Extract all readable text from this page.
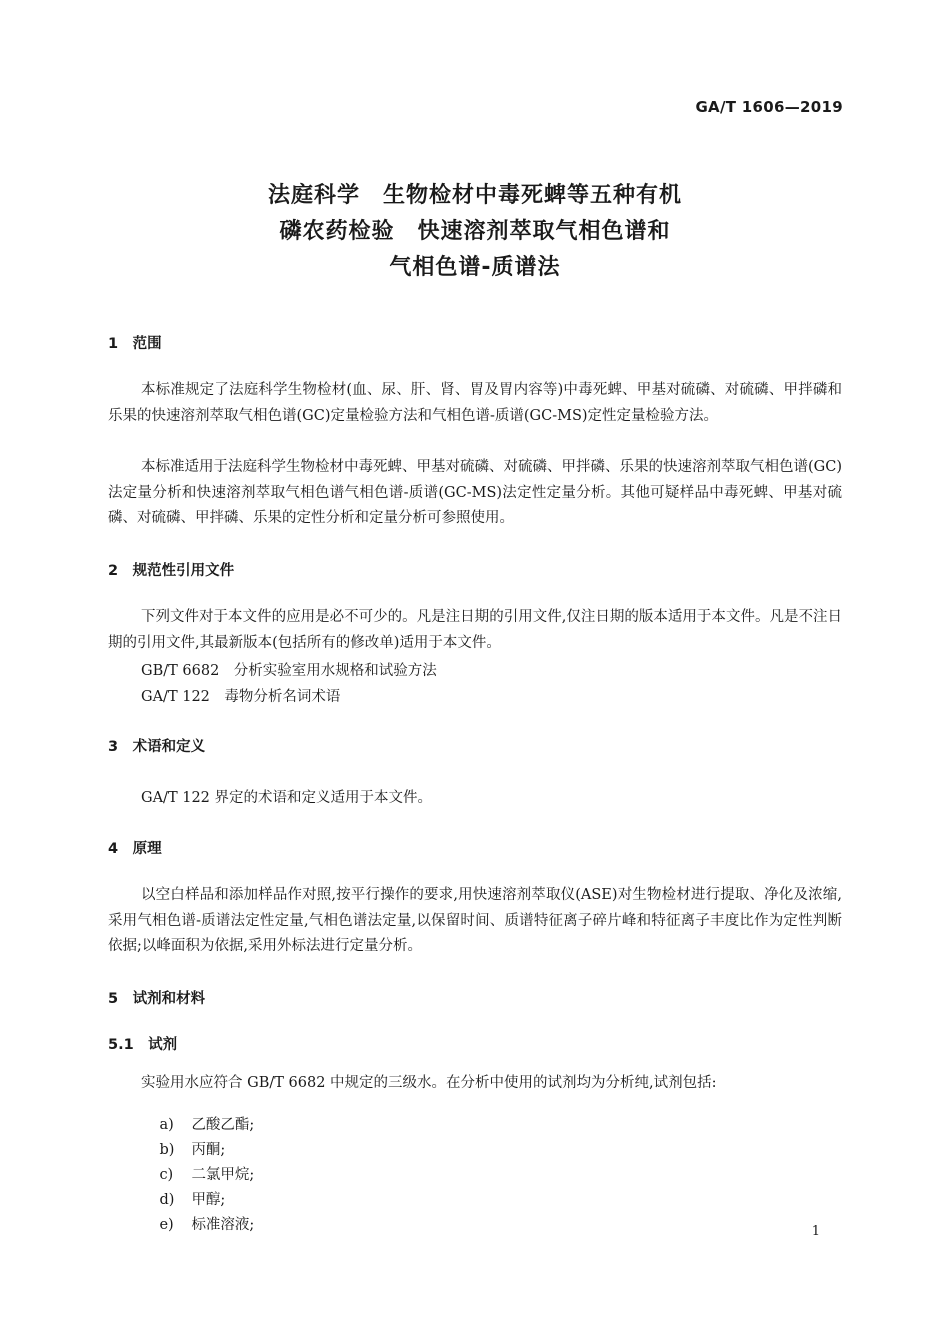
GA/T 1606—2019
法庭科学　生物检材中毒死蜱等五种有机
磷农药检验　快速溶剂萃取气相色谱和
气相色谱-质谱法
1　范围
本标准规定了法庭科学生物检材(血、尿、肝、肾、胃及胃内容等)中毒死蜱、甲基对硫磷、对硫磷、甲拌磷和乐果的快速溶剂萃取气相色谱(GC)定量检验方法和气相色谱-质谱(GC-MS)定性定量检验方法。
本标准适用于法庭科学生物检材中毒死蜱、甲基对硫磷、对硫磷、甲拌磷、乐果的快速溶剂萃取气相色谱(GC)法定量分析和快速溶剂萃取气相色谱气相色谱-质谱(GC-MS)法定性定量分析。其他可疑样品中毒死蜱、甲基对硫磷、对硫磷、甲拌磷、乐果的定性分析和定量分析可参照使用。
2　规范性引用文件
下列文件对于本文件的应用是必不可少的。凡是注日期的引用文件,仅注日期的版本适用于本文件。凡是不注日期的引用文件,其最新版本(包括所有的修改单)适用于本文件。
GB/T 6682　分析实验室用水规格和试验方法
GA/T 122　毒物分析名词术语
3　术语和定义
GA/T 122 界定的术语和定义适用于本文件。
4　原理
以空白样品和添加样品作对照,按平行操作的要求,用快速溶剂萃取仪(ASE)对生物检材进行提取、净化及浓缩,采用气相色谱-质谱法定性定量,气相色谱法定量,以保留时间、质谱特征离子碎片峰和特征离子丰度比作为定性判断依据;以峰面积为依据,采用外标法进行定量分析。
5　试剂和材料
5.1　试剂
实验用水应符合 GB/T 6682 中规定的三级水。在分析中使用的试剂均为分析纯,试剂包括:

a) 乙酸乙酯;

b) 丙酮;

c) 二氯甲烷;

d) 甲醇;

e) 标准溶液;
	1
